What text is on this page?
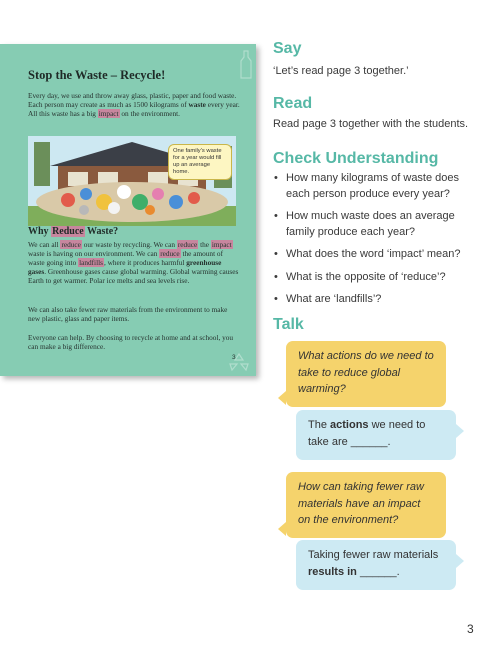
Stop the Waste – Recycle!
Every day, we use and throw away glass, plastic, paper and food waste. Each person may create as much as 1500 kilograms of waste every year. All this waste has a big impact on the environment.
One family’s waste for a year would fill up an average home.
Why Reduce Waste?
We can all reduce our waste by recycling. We can reduce the impact waste is having on our environment. We can reduce the amount of waste going into landfills, where it produces harmful greenhouse gases. Greenhouse gases cause global warming. Global warming causes Earth to get warmer. Polar ice melts and sea levels rise.
We can also take fewer raw materials from the environment to make new plastic, glass and paper items.
Everyone can help. By choosing to recycle at home and at school, you can make a big difference.
3
Say
‘Let’s read page 3 together.’
Read
Read page 3 together with the students.
Check Understanding
• How many kilograms of waste does each person produce every year?
• How much waste does an average family produce each year?
• What does the word ‘impact’ mean?
• What is the opposite of ‘reduce’?
• What are ‘landfills’?
Talk
What actions do we need to take to reduce global warming?
The actions we need to take are ______.
How can taking fewer raw materials have an impact on the environment?
Taking fewer raw materials results in ______.
3
